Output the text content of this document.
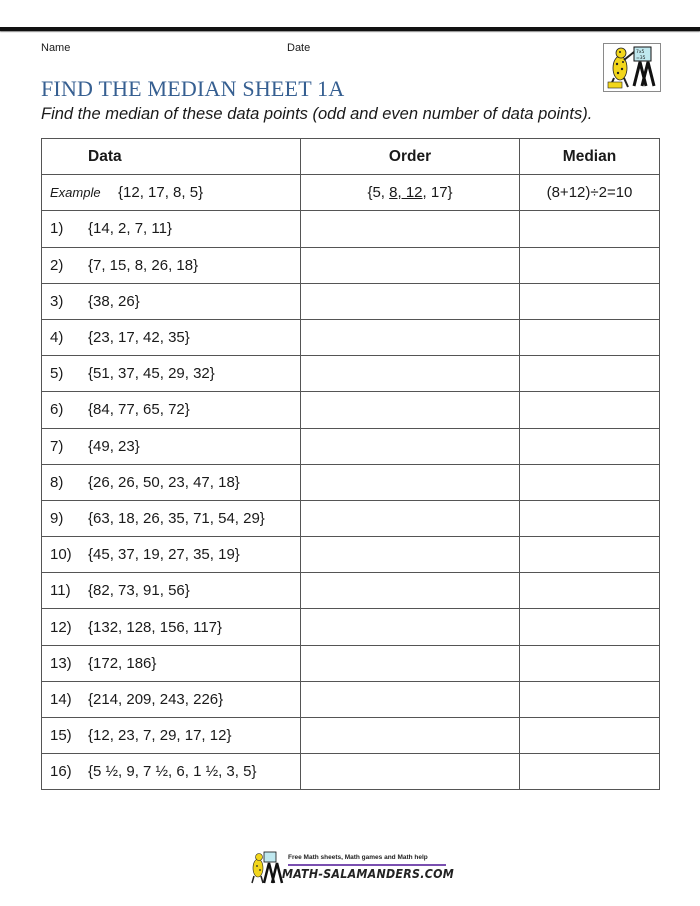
Name	Date	7x5
=35
FIND THE MEDIAN SHEET 1A
Find the median of these data points (odd and even number of data points).
Data	Order	Median
Example {12, 17, 8, 5}	{5, 8, 12, 17}	(8+12)÷2=10
1) {14, 2, 7, 11}		
2) {7, 15, 8, 26, 18}		
3) {38, 26}		
4) {23, 17, 42, 35}		
5) {51, 37, 45, 29, 32}		
6) {84, 77, 65, 72}		
7) {49, 23}		
8) {26, 26, 50, 23, 47, 18}		
9) {63, 18, 26, 35, 71, 54, 29}		
10) {45, 37, 19, 27, 35, 19}		
11) {82, 73, 91, 56}		
12) {132, 128, 156, 117}		
13) {172, 186}		
14) {214, 209, 243, 226}		
15) {12, 23, 7, 29, 17, 12}		
16) {5 ½, 9, 7 ½, 6, 1 ½, 3, 5}		
Free Math sheets, Math games and Math help
MATH-SALAMANDERS.COM
